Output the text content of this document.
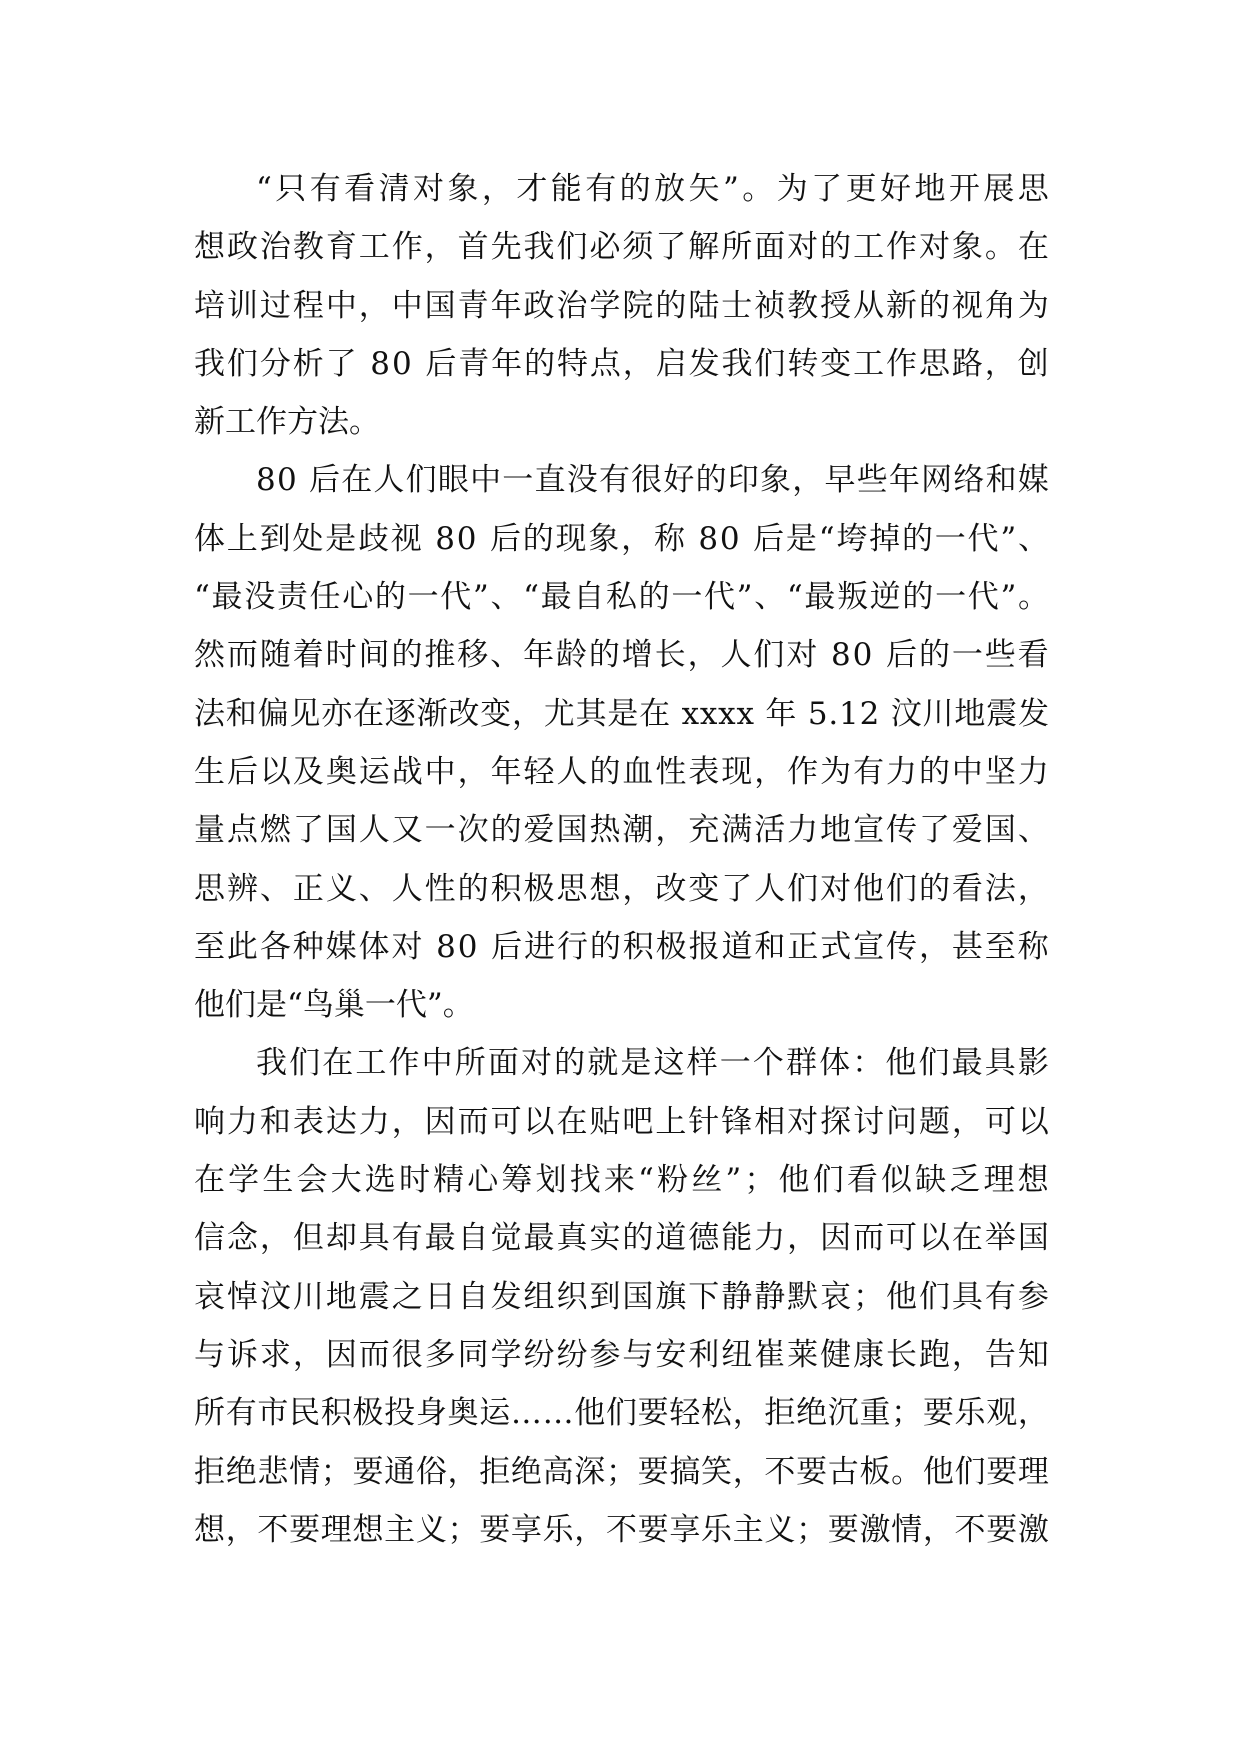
“ 只 有 看 清 对 象 ， 才 能 有 的 放 矢 ” 。 为 了 更 好 地 开 展 思
想 政 治 教 育 工 作 ， 首 先 我 们 必 须 了 解 所 面 对 的 工 作 对 象 。 在
培 训 过 程 中 ， 中 国 青 年 政 治 学 院 的 陆 士 祯 教 授 从 新 的 视 角 为
我 们 分 析 了
8 0
后 青 年 的 特 点 ， 启 发 我 们 转 变 工 作 思 路 ， 创
新工作方法。
8 0
后 在 人 们 眼 中 一 直 没 有 很 好 的 印 象 ， 早 些 年 网 络 和 媒
体 上 到 处 是 歧 视
8 0
后 的 现 象 ， 称
8 0
后 是 “ 垮 掉 的 一 代 ” 、
“ 最 没 责 任 心 的 一 代 ” 、 “ 最 自 私 的 一 代 ” 、 “ 最 叛 逆 的 一 代 ” 。
然 而 随 着 时 间 的 推 移 、 年 龄 的 增 长 ， 人 们 对
8 0
后 的 一 些 看
法 和 偏 见 亦 在 逐 渐 改 变 ， 尤 其 是 在
x x x x
年
5 . 1 2
汶 川 地 震 发
生 后 以 及 奥 运 战 中 ， 年 轻 人 的 血 性 表 现 ， 作 为 有 力 的 中 坚 力
量 点 燃 了 国 人 又 一 次 的 爱 国 热 潮 ， 充 满 活 力 地 宣 传 了 爱 国 、
思 辨 、 正 义 、 人 性 的 积 极 思 想 ， 改 变 了 人 们 对 他 们 的 看 法 ，
至 此 各 种 媒 体 对
8 0
后 进 行 的 积 极 报 道 和 正 式 宣 传 ， 甚 至 称
他们是“鸟巢一代”。
我 们 在 工 作 中 所 面 对 的 就 是 这 样 一 个 群 体 ： 他 们 最 具 影
响 力 和 表 达 力 ， 因 而 可 以 在 贴 吧 上 针 锋 相 对 探 讨 问 题 ， 可 以
在 学 生 会 大 选 时 精 心 筹 划 找 来 “ 粉 丝 ” ； 他 们 看 似 缺 乏 理 想
信 念 ， 但 却 具 有 最 自 觉 最 真 实 的 道 德 能 力 ， 因 而 可 以 在 举 国
哀 悼 汶 川 地 震 之 日 自 发 组 织 到 国 旗 下 静 静 默 哀 ； 他 们 具 有 参
与 诉 求 ， 因 而 很 多 同 学 纷 纷 参 与 安 利 纽 崔 莱 健 康 长 跑 ， 告 知
所 有 市 民 积 极 投 身 奥 运 … … 他 们 要 轻 松 ， 拒 绝 沉 重 ； 要 乐 观 ，
拒 绝 悲 情 ； 要 通 俗 ， 拒 绝 高 深 ； 要 搞 笑 ， 不 要 古 板 。 他 们 要 理
想 ， 不 要 理 想 主 义 ； 要 享 乐 ， 不 要 享 乐 主 义 ； 要 激 情 ， 不 要 激
